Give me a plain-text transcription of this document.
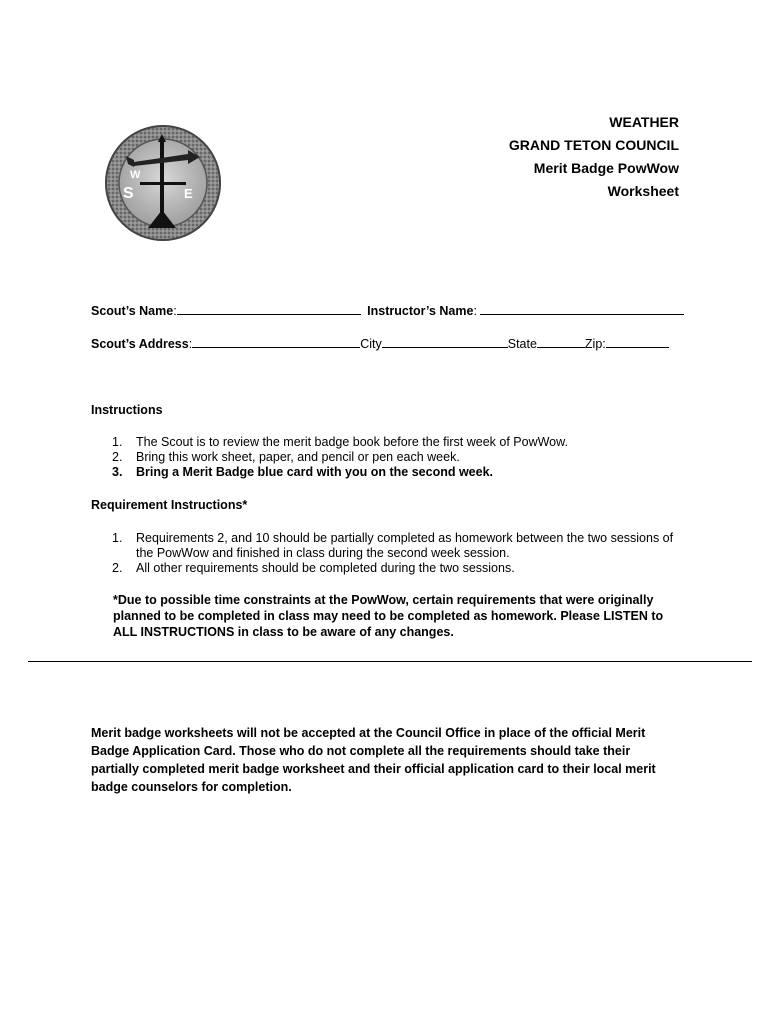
W
S	E
WEATHER
GRAND TETON COUNCIL
Merit Badge PowWow
Worksheet
Scout’s Name:	Instructor’s Name:
Scout’s Address:	City	State	Zip:
Instructions
1. The Scout is to review the merit badge book before the first week of PowWow.
2. Bring this work sheet, paper, and pencil or pen each week.
3. Bring a Merit Badge blue card with you on the second week.
Requirement Instructions*
1. Requirements 2, and 10 should be partially completed as homework between the two sessions of the PowWow and finished in class during the second week session.
2. All other requirements should be completed during the two sessions.
*Due to possible time constraints at the PowWow, certain requirements that were originally planned to be completed in class may need to be completed as homework. Please LISTEN to ALL INSTRUCTIONS in class to be aware of any changes.
Merit badge worksheets will not be accepted at the Council Office in place of the official Merit Badge Application Card. Those who do not complete all the requirements should take their partially completed merit badge worksheet and their official application card to their local merit badge counselors for completion.
